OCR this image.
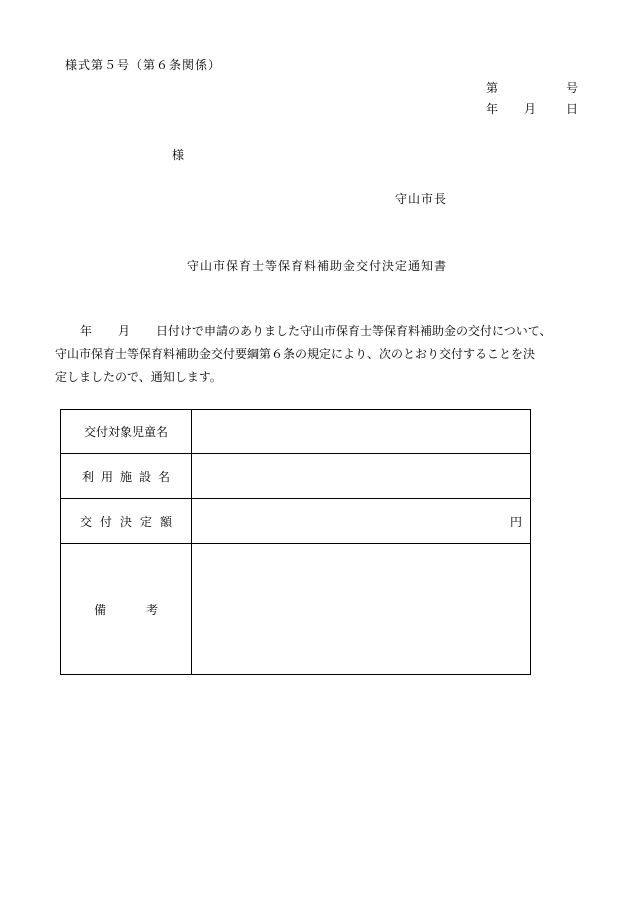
様式第５号（第６条関係）
第	号
年 月 日
様
守山市長
守山市保育士等保育料補助金交付決定通知書
年 月 日付けで申請のありました守山市保育士等保育料補助金の交付について、
守山市保育士等保育料補助金交付要綱第６条の規定により、次のとおり交付することを決
定しましたので、通知します。
交付対象児童名	
利用施設名	
交付決定額	円
備考	
